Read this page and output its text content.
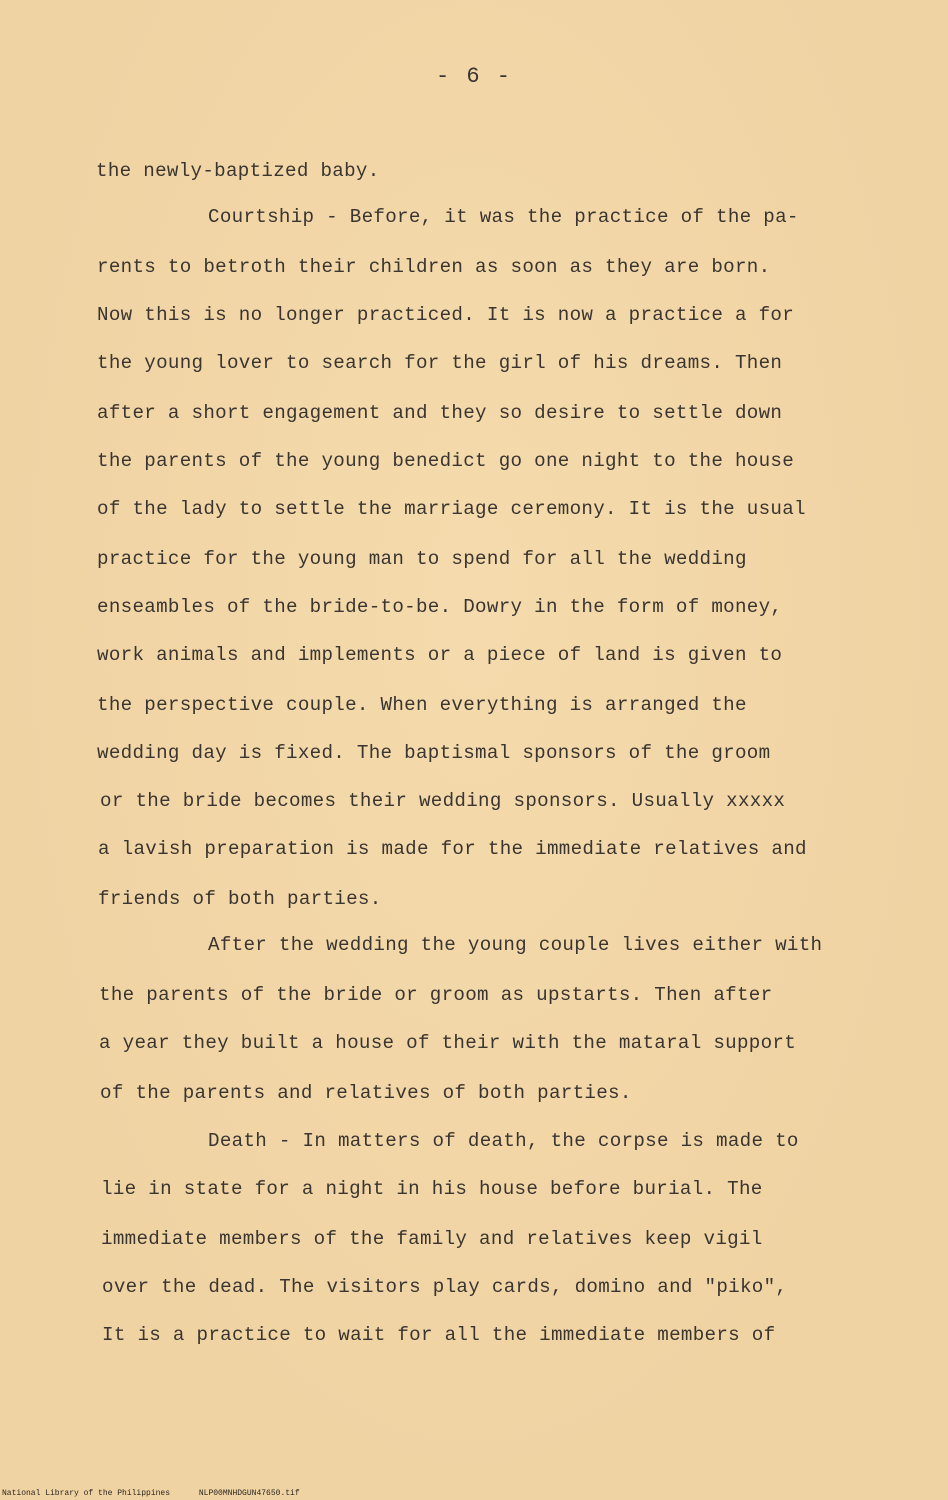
- 6 -
the newly-baptized baby.
Courtship - Before, it was the practice of the pa-
rents to betroth their children as soon as they are born.
Now this is no longer practiced. It is now a practice a for
the young lover to search for the girl of his dreams. Then
after a short engagement and they so desire to settle down
the parents of the young benedict go one night to the house
of the lady to settle the marriage ceremony. It is the usual
practice for the young man to spend for all the wedding
enseambles of the bride-to-be. Dowry in the form of money,
work animals and implements or a piece of land is given to
the perspective couple. When everything is arranged the
wedding day is fixed. The baptismal sponsors of the groom
or the bride becomes their wedding sponsors. Usually xxxxx
a lavish preparation is made for the immediate relatives and
friends of both parties.
After the wedding the young couple lives either with
the parents of the bride or groom as upstarts. Then after
a year they built a house of their with the mataral support
of the parents and relatives of both parties.
Death - In matters of death, the corpse is made to
lie in state for a night in his house before burial. The
immediate members of the family and relatives keep vigil
over the dead. The visitors play cards, domino and "piko",
It is a practice to wait for all the immediate members of
National Library of the Philippines	NLP00MNHDGUN47650.tif
